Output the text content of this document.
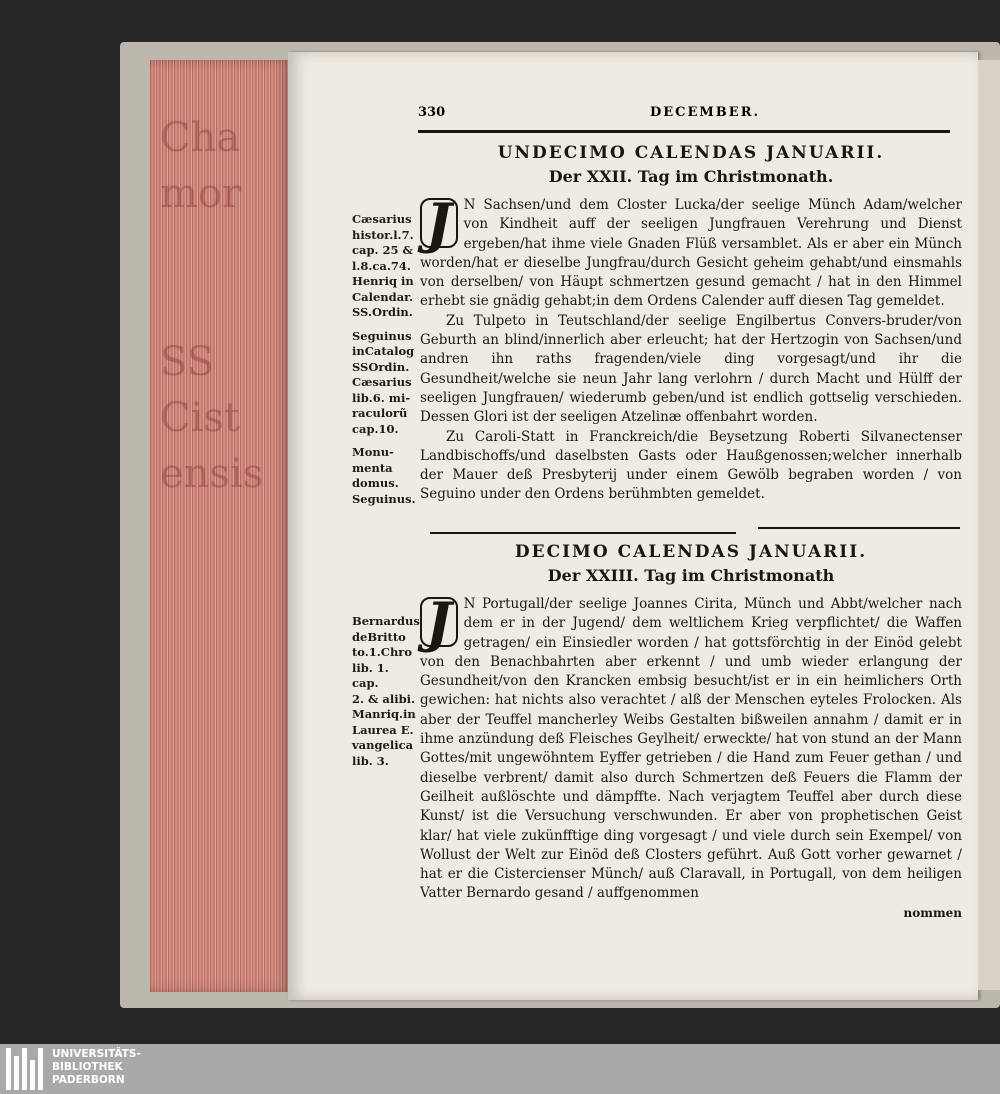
Cha
mor

SS
Cist
ensis
330	DECEMBER.

Cæsarius
histor.l.7.
cap. 25 &
l.8.ca.74.
Henriq in
Calendar.
SS.Ordin.

Seguinus
inCatalog
SSOrdin.
Cæsarius
lib.6. mi-
raculorũ
cap.10.

Monu-
menta
domus.
Seguinus.

Bernardus
deBritto
to.1.Chro
lib. 1. cap.
2. & alibi.
Manriq.in
Laurea E.
vangelica
lib. 3.

UNDECIMO CALENDAS JANUARII.
Der XXII. Tag im Christmonath.

J N Sachsen/und dem Closter Lucka/der seelige Münch Adam/welcher von Kindheit auff der seeligen Jungfrauen Verehrung und Dienst ergeben/hat ihme viele Gnaden Flüß versamblet. Als er aber ein Münch worden/hat er dieselbe Jungfrau/durch Gesicht geheim gehabt/und einsmahls von derselben/ von Häupt schmertzen gesund gemacht / hat in den Himmel erhebt sie gnädig gehabt;in dem Ordens Calender auff diesen Tag gemeldet.

Zu Tulpeto in Teutschland/der seelige Engilbertus Convers-bruder/von Geburth an blind/innerlich aber erleucht; hat der Hertzogin von Sachsen/und andren ihn raths fragenden/viele ding vorgesagt/und ihr die Gesundheit/welche sie neun Jahr lang verlohrn / durch Macht und Hülff der seeligen Jungfrauen/ wiederumb geben/und ist endlich gottselig verschieden. Dessen Glori ist der seeligen Atzelinæ offenbahrt worden.

Zu Caroli-Statt in Franckreich/die Beysetzung Roberti Silvanectenser Landbischoffs/und daselbsten Gasts oder Haußgenossen;welcher innerhalb der Mauer deß Presbyterij under einem Gewölb begraben worden / von Seguino under den Ordens berühmbten gemeldet.

DECIMO CALENDAS JANUARII.
Der XXIII. Tag im Christmonath

J N Portugall/der seelige Joannes Cirita, Münch und Abbt/welcher nach dem er in der Jugend/ dem weltlichem Krieg verpflichtet/ die Waffen getragen/ ein Einsiedler worden / hat gottsförchtig in der Einöd gelebt von den Benachbahrten aber erkennt / und umb wieder erlangung der Gesundheit/von den Krancken embsig besucht/ist er in ein heimlichers Orth gewichen: hat nichts also verachtet / alß der Menschen eyteles Frolocken. Als aber der Teuffel mancherley Weibs Gestalten bißweilen annahm / damit er in ihme anzündung deß Fleisches Geylheit/ erweckte/ hat von stund an der Mann Gottes/mit ungewöhntem Eyffer getrieben / die Hand zum Feuer gethan / und dieselbe verbrent/ damit also durch Schmertzen deß Feuers die Flamm der Geilheit außlöschte und dämpffte. Nach verjagtem Teuffel aber durch diese Kunst/ ist die Versuchung verschwunden. Er aber von prophetischen Geist klar/ hat viele zukünfftige ding vorgesagt / und viele durch sein Exempel/ von Wollust der Welt zur Einöd deß Closters geführt. Auß Gott vorher gewarnet / hat er die Cistercienser Münch/ auß Claravall, in Portugall, von dem heiligen Vatter Bernardo gesand / auffgenommen

nommen
UNIVERSITÄTS-
BIBLIOTHEK
PADERBORN
